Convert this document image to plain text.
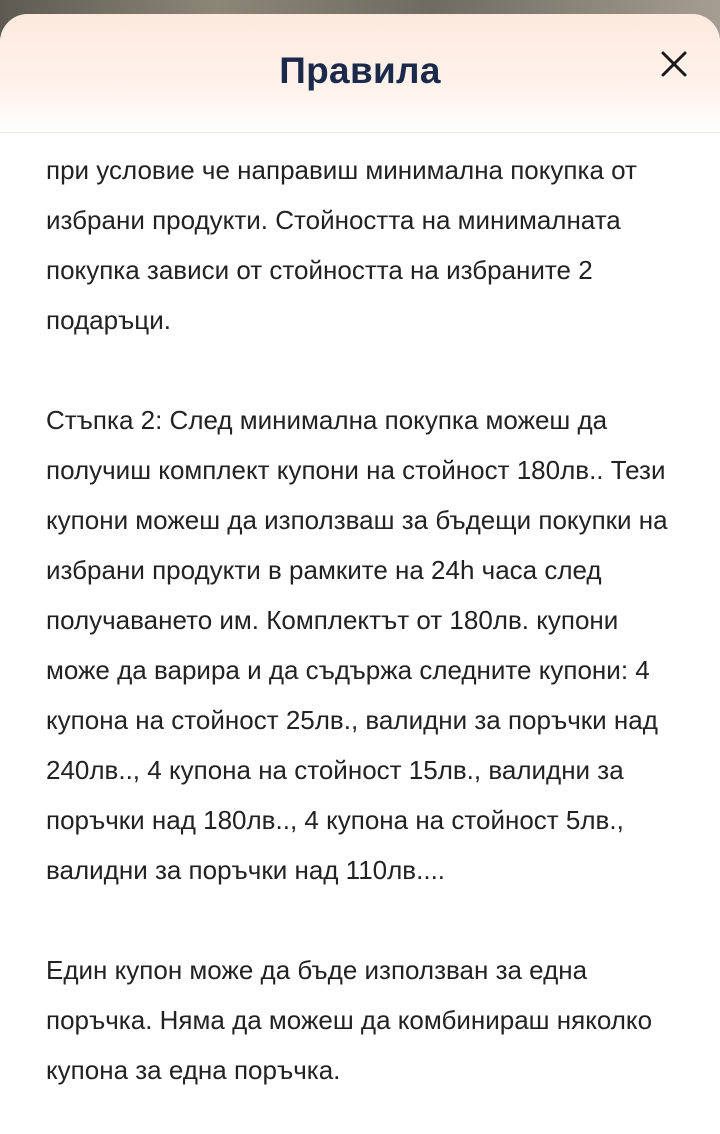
Правила

при условие че направиш минимална покупка от избрани продукти. Стойността на минималната покупка зависи от стойността на избраните 2 подаръци.

Стъпка 2: След минимална покупка можеш да получиш комплект купони на стойност 180лв.. Тези купони можеш да използваш за бъдещи покупки на избрани продукти в рамките на 24h часа след получаването им. Комплектът от 180лв. купони може да варира и да съдържа следните купони: 4 купона на стойност 25лв., валидни за поръчки над 240лв.., 4 купона на стойност 15лв., валидни за поръчки над 180лв.., 4 купона на стойност 5лв., валидни за поръчки над 110лв....

Един купон може да бъде използван за една поръчка. Няма да можеш да комбинираш няколко купона за една поръчка.
